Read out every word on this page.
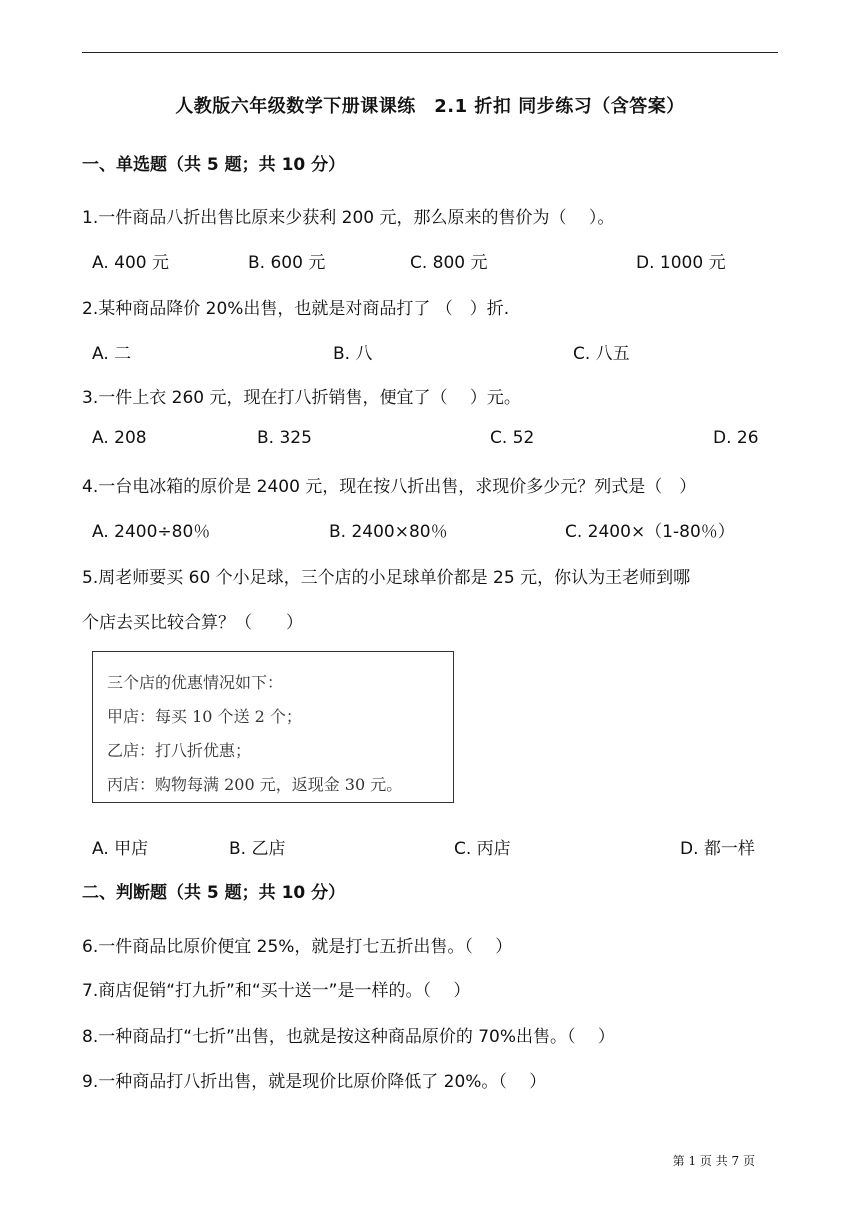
人教版六年级数学下册课课练　2.1 折扣 同步练习（含答案）
一、单选题（共 5 题；共 10 分）
1.一件商品八折出售比原来少获利 200 元，那么原来的售价为（　 ）。
A. 400 元	B. 600 元	C. 800 元	D. 1000 元
2.某种商品降价 20%出售，也就是对商品打了 （　）折.
A. 二	B. 八	C. 八五
3.一件上衣 260 元，现在打八折销售，便宜了（　 ）元。
A. 208	B. 325	C. 52	D. 26
4.一台电冰箱的原价是 2400 元，现在按八折出售，求现价多少元？列式是（　）
A. 2400÷80％	B. 2400×80％	C. 2400×（1-80％）
5.周老师要买 60 个小足球，三个店的小足球单价都是 25 元，你认为王老师到哪
个店去买比较合算？（　　）
三个店的优惠情况如下：
甲店：每买 10 个送 2 个；
乙店：打八折优惠；
丙店：购物每满 200 元，返现金 30 元。
A. 甲店	B. 乙店	C. 丙店	D. 都一样
二、判断题（共 5 题；共 10 分）
6.一件商品比原价便宜 25%，就是打七五折出售。（　 ）
7.商店促销“打九折”和“买十送一”是一样的。（　 ）
8.一种商品打“七折”出售，也就是按这种商品原价的 70%出售。（　 ）
9.一种商品打八折出售，就是现价比原价降低了 20%。（　 ）
第 1 页 共 7 页
